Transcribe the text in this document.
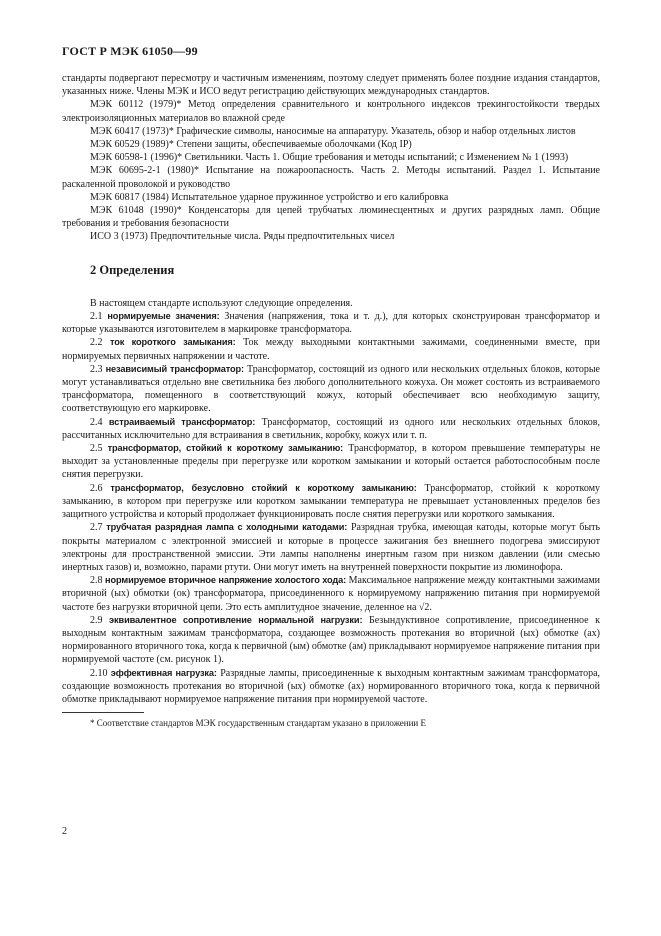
ГОСТ Р МЭК 61050—99

стандарты подвергают пересмотру и частичным изменениям, поэтому следует применять более поздние издания стандартов, указанных ниже. Члены МЭК и ИСО ведут регистрацию действующих международных стандартов.

МЭК 60112 (1979)* Метод определения сравнительного и контрольного индексов трекингостойкости твердых электроизоляционных материалов во влажной среде

МЭК 60417 (1973)* Графические символы, наносимые на аппаратуру. Указатель, обзор и набор отдельных листов

МЭК 60529 (1989)* Степени защиты, обеспечиваемые оболочками (Код IP)

МЭК 60598-1 (1996)* Светильники. Часть 1. Общие требования и методы испытаний; с Изменением № 1 (1993)

МЭК 60695-2-1 (1980)* Испытание на пожароопасность. Часть 2. Методы испытаний. Раздел 1. Испытание раскаленной проволокой и руководство

МЭК 60817 (1984) Испытательное ударное пружинное устройство и его калибровка

МЭК 61048 (1990)* Конденсаторы для цепей трубчатых люминесцентных и других разрядных ламп. Общие требования и требования безопасности

ИСО 3 (1973) Предпочтительные числа. Ряды предпочтительных чисел

2 Определения

В настоящем стандарте используют следующие определения.

2.1 нормируемые значения: Значения (напряжения, тока и т. д.), для которых сконструирован трансформатор и которые указываются изготовителем в маркировке трансформатора.

2.2 ток короткого замыкания: Ток между выходными контактными зажимами, соединенными вместе, при нормируемых первичных напряжении и частоте.

2.3 независимый трансформатор: Трансформатор, состоящий из одного или нескольких отдельных блоков, которые могут устанавливаться отдельно вне светильника без любого дополнительного кожуха. Он может состоять из встраиваемого трансформатора, помещенного в соответствующий кожух, который обеспечивает всю необходимую защиту, соответствующую его маркировке.

2.4 встраиваемый трансформатор: Трансформатор, состоящий из одного или нескольких отдельных блоков, рассчитанных исключительно для встраивания в светильник, коробку, кожух или т. п.

2.5 трансформатор, стойкий к короткому замыканию: Трансформатор, в котором превышение температуры не выходит за установленные пределы при перегрузке или коротком замыкании и который остается работоспособным после снятия перегрузки.

2.6 трансформатор, безусловно стойкий к короткому замыканию: Трансформатор, стойкий к короткому замыканию, в котором при перегрузке или коротком замыкании температура не превышает установленных пределов без защитного устройства и который продолжает функционировать после снятия перегрузки или короткого замыкания.

2.7 трубчатая разрядная лампа с холодными катодами: Разрядная трубка, имеющая катоды, которые могут быть покрыты материалом с электронной эмиссией и которые в процессе зажигания без внешнего подогрева эмиссируют электроны для пространственной эмиссии. Эти лампы наполнены инертным газом при низком давлении (или смесью инертных газов) и, возможно, парами ртути. Они могут иметь на внутренней поверхности покрытие из люминофора.

2.8 нормируемое вторичное напряжение холостого хода: Максимальное напряжение между контактными зажимами вторичной (ых) обмотки (ок) трансформатора, присоединенного к нормируемому напряжению питания при нормируемой частоте без нагрузки вторичной цепи. Это есть амплитудное значение, деленное на √2.

2.9 эквивалентное сопротивление нормальной нагрузки: Безындуктивное сопротивление, присоединенное к выходным контактным зажимам трансформатора, создающее возможность протекания во вторичной (ых) обмотке (ах) нормированного вторичного тока, когда к первичной (ым) обмотке (ам) прикладывают нормируемое напряжение питания при нормируемой частоте (см. рисунок 1).

2.10 эффективная нагрузка: Разрядные лампы, присоединенные к выходным контактным зажимам трансформатора, создающие возможность протекания во вторичной (ых) обмотке (ах) нормированного вторичного тока, когда к первичной обмотке прикладывают нормируемое напряжение питания при нормируемой частоте.

* Соответствие стандартов МЭК государственным стандартам указано в приложении Е

2
